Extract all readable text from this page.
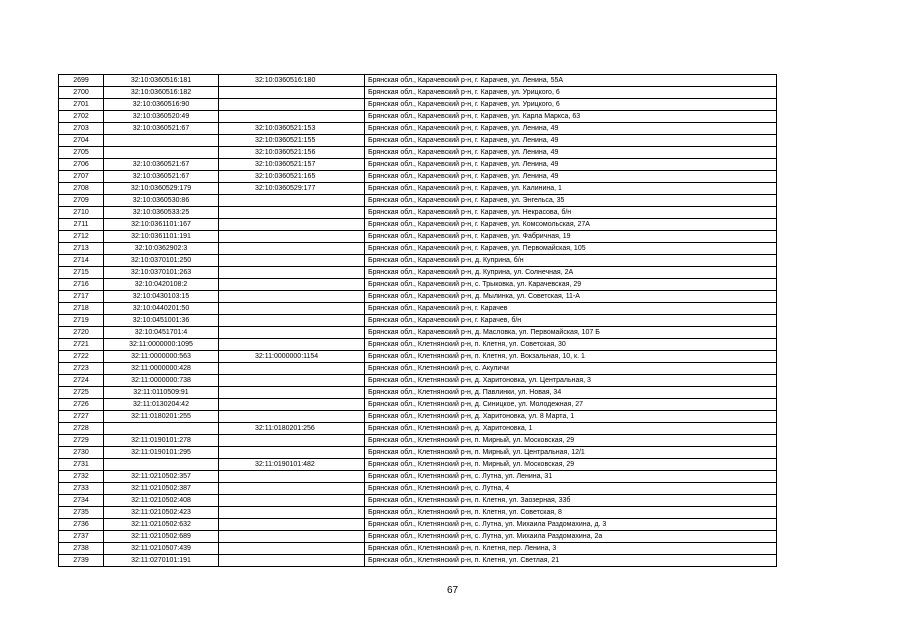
2699	32:10:0360516:181	32:10:0360516:180	Брянская обл., Карачевский р-н, г. Карачев, ул. Ленина, 55А
2700	32:10:0360516:182		Брянская обл., Карачевский р-н, г. Карачев, ул. Урицкого, 6
2701	32:10:0360516:90		Брянская обл., Карачевский р-н, г. Карачев, ул. Урицкого, 6
2702	32:10:0360520:49		Брянская обл., Карачевский р-н, г. Карачев, ул. Карла Маркса, 63
2703	32:10:0360521:67	32:10:0360521:153	Брянская обл., Карачевский р-н, г. Карачев, ул. Ленина, 49
2704		32:10:0360521:155	Брянская обл., Карачевский р-н, г. Карачев, ул. Ленина, 49
2705		32:10:0360521:156	Брянская обл., Карачевский р-н, г. Карачев, ул. Ленина, 49
2706	32:10:0360521:67	32:10:0360521:157	Брянская обл., Карачевский р-н, г. Карачев, ул. Ленина, 49
2707	32:10:0360521:67	32:10:0360521:165	Брянская обл., Карачевский р-н, г. Карачев, ул. Ленина, 49
2708	32:10:0360529:179	32:10:0360529:177	Брянская обл., Карачевский р-н, г. Карачев, ул. Калинина, 1
2709	32:10:0360530:86		Брянская обл., Карачевский р-н, г. Карачев, ул. Энгельса, 35
2710	32:10:0360533:25		Брянская обл., Карачевский р-н, г. Карачев, ул. Некрасова, б/н
2711	32:10:0361101:167		Брянская обл., Карачевский р-н, г. Карачев, ул. Комсомольская, 27А
2712	32:10:0361101:191		Брянская обл., Карачевский р-н, г. Карачев, ул. Фабричная, 19
2713	32:10:0362902:3		Брянская обл., Карачевский р-н, г. Карачев, ул. Первомайская, 105
2714	32:10:0370101:250		Брянская обл., Карачевский р-н, д. Куприна, б/н
2715	32:10:0370101:263		Брянская обл., Карачевский р-н, д. Куприна, ул. Солнечная, 2А
2716	32:10:0420108:2		Брянская обл., Карачевский р-н, с. Трыковка, ул. Карачевская, 29
2717	32:10:0430103:15		Брянская обл., Карачевский р-н, д. Мылинка, ул. Советская, 11-А
2718	32:10:0440201:50		Брянская обл., Карачевский р-н, г. Карачев
2719	32:10:0451001:36		Брянская обл., Карачевский р-н, г. Карачев, б/н
2720	32:10:0451701:4		Брянская обл., Карачевский р-н, д. Масловка, ул. Первомайская, 107 Б
2721	32:11:0000000:1095		Брянская обл., Клетнянский р-н, п. Клетня, ул. Советская, 30
2722	32:11:0000000:563	32:11:0000000:1154	Брянская обл., Клетнянский р-н, п. Клетня, ул. Вокзальная, 10, к. 1
2723	32:11:0000000:428		Брянская обл., Клетнянский р-н, с. Акуличи
2724	32:11:0000000:738		Брянская обл., Клетнянский р-н, д. Харитоновка, ул. Центральная, 3
2725	32:11:0110509:91		Брянская обл., Клетнянский р-н, д. Павлинки, ул. Новая, 34
2726	32:11:0130204:42		Брянская обл., Клетнянский р-н, д. Синицкое, ул. Молодежная, 27
2727	32:11:0180201:255		Брянская обл., Клетнянский р-н, д. Харитоновка, ул. 8 Марта, 1
2728		32:11:0180201:256	Брянская обл., Клетнянский р-н, д. Харитоновка, 1
2729	32:11:0190101:278		Брянская обл., Клетнянский р-н, п. Мирный, ул. Московская, 29
2730	32:11:0190101:295		Брянская обл., Клетнянский р-н, п. Мирный, ул. Центральная, 12/1
2731		32:11:0190101:482	Брянская обл., Клетнянский р-н, п. Мирный, ул. Московская, 29
2732	32:11:0210502:357		Брянская обл., Клетнянский р-н, с. Лутна, ул. Ленина, 31
2733	32:11:0210502:387		Брянская обл., Клетнянский р-н, с. Лутна, 4
2734	32:11:0210502:408		Брянская обл., Клетнянский р-н, п. Клетня, ул. Заозерная, 33б
2735	32:11:0210502:423		Брянская обл., Клетнянский р-н, п. Клетня, ул. Советская, 8
2736	32:11:0210502:632		Брянская обл., Клетнянский р-н, с. Лутна, ул. Михаила Раздомахина, д. 3
2737	32:11:0210502:689		Брянская обл., Клетнянский р-н, с. Лутна, ул. Михаила Раздомахина, 2а
2738	32:11:0210507:439		Брянская обл., Клетнянский р-н, п. Клетня, пер. Ленина, 3
2739	32:11:0270101:191		Брянская обл., Клетнянский р-н, п. Клетня, ул. Светлая, 21
67
